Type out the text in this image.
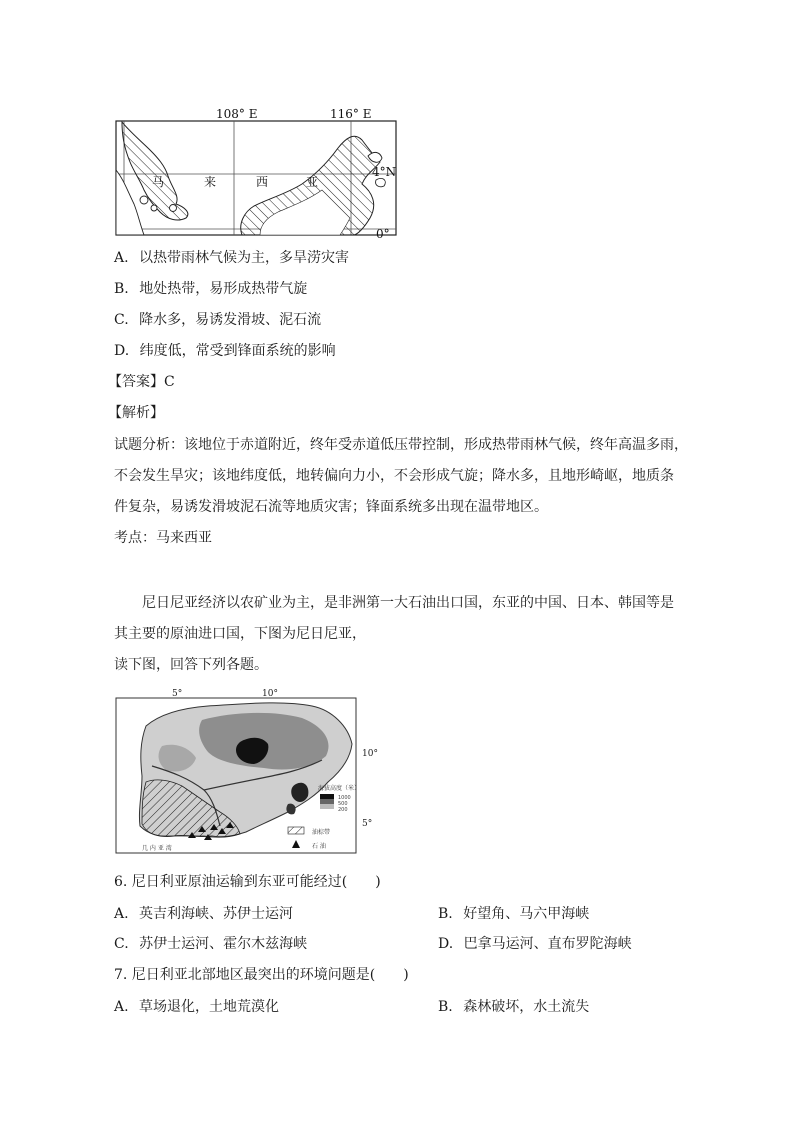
108° E	116° E
4°N
0°
马	来	西	亚
A. 以热带雨林气候为主，多旱涝灾害
B. 地处热带，易形成热带气旋
C. 降水多，易诱发滑坡、泥石流
D. 纬度低，常受到锋面系统的影响
【答案】C
【解析】
试题分析：该地位于赤道附近，终年受赤道低压带控制，形成热带雨林气候，终年高温多雨，
不会发生旱灾；该地纬度低，地转偏向力小，不会形成气旋；降水多，且地形崎岖，地质条
件复杂，易诱发滑坡泥石流等地质灾害；锋面系统多出现在温带地区。
考点：马来西亚
尼日尼亚经济以农矿业为主，是非洲第一大石油出口国，东亚的中国、日本、韩国等是
其主要的原油进口国，下图为尼日尼亚，
读下图，回答下列各题。
5°	10°
10°
5°
海拔高度（米）
1000
500
200
油棕带
石 油
几 内 亚 湾
6. 尼日利亚原油运输到东亚可能经过(　　)
A. 英吉利海峡、苏伊士运河	B. 好望角、马六甲海峡
C. 苏伊士运河、霍尔木兹海峡	D. 巴拿马运河、直布罗陀海峡
7. 尼日利亚北部地区最突出的环境问题是(　　)
A. 草场退化，土地荒漠化	B. 森林破坏，水土流失
